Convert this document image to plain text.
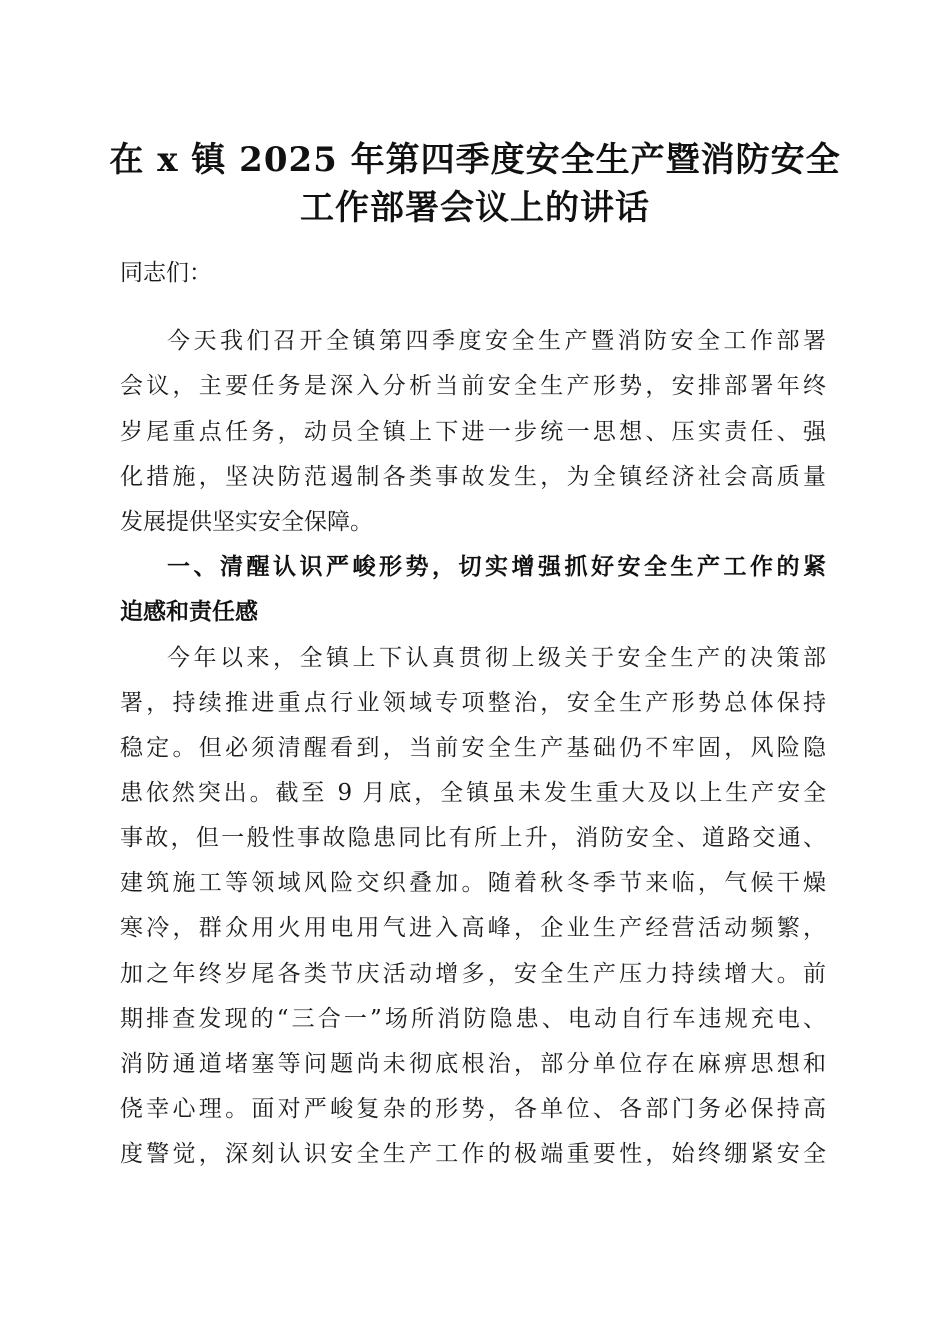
在 x 镇 2025 年第四季度安全生产暨消防安全
工作部署会议上的讲话
同志们：
今天我们召开全镇第四季度安全生产暨消防安全工作部署
会议，主要任务是深入分析当前安全生产形势，安排部署年终
岁尾重点任务，动员全镇上下进一步统一思想、压实责任、强
化措施，坚决防范遏制各类事故发生，为全镇经济社会高质量
发展提供坚实安全保障。
一、清醒认识严峻形势，切实增强抓好安全生产工作的紧
迫感和责任感
今年以来，全镇上下认真贯彻上级关于安全生产的决策部
署，持续推进重点行业领域专项整治，安全生产形势总体保持
稳定。但必须清醒看到，当前安全生产基础仍不牢固，风险隐
患依然突出。截至 9 月底，全镇虽未发生重大及以上生产安全
事故，但一般性事故隐患同比有所上升，消防安全、道路交通、
建筑施工等领域风险交织叠加。随着秋冬季节来临，气候干燥
寒冷，群众用火用电用气进入高峰，企业生产经营活动频繁，
加之年终岁尾各类节庆活动增多，安全生产压力持续增大。前
期排查发现的“三合一”场所消防隐患、电动自行车违规充电、
消防通道堵塞等问题尚未彻底根治，部分单位存在麻痹思想和
侥幸心理。面对严峻复杂的形势，各单位、各部门务必保持高
度警觉，深刻认识安全生产工作的极端重要性，始终绷紧安全
